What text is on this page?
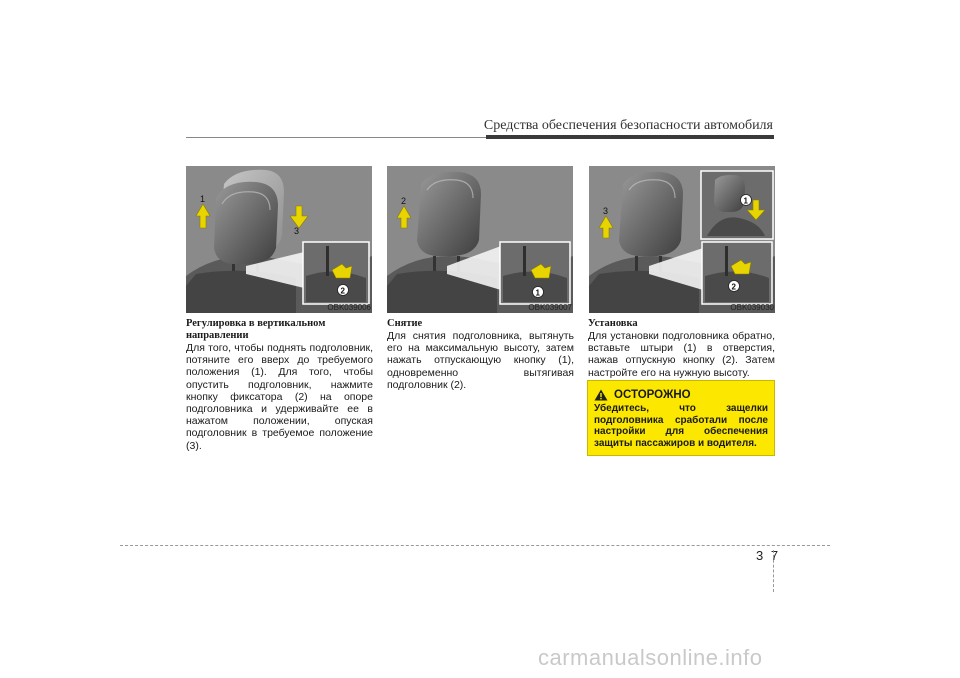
Средства обеспечения безопасности автомобиля
1
3
2
OBK039006
2
1
OBK039007
3
1
2
OBK039030
Регулировка в вертикальном направлении
Для того, чтобы поднять подголовник, потяните его вверх до требуемого положения (1). Для того, чтобы опустить подголовник, нажмите кнопку фиксатора (2) на опоре подголовника и удерживайте ее в нажатом положении, опуская подголовник в требуемое положение (3).
Снятие
Для снятия подголовника, вытянуть его на максимальную высоту, затем нажать отпускающую кнопку (1), одновременно вытягивая подголовник (2).
Установка
Для установки подголовника обратно, вставьте штыри (1) в отверстия, нажав отпускную кнопку (2). Затем настройте его на нужную высоту.
ОСТОРОЖНО
Убедитесь, что защелки подголовника сработали после настройки для обеспечения защиты пассажиров и водителя.
3 7
carmanualsonline.info
